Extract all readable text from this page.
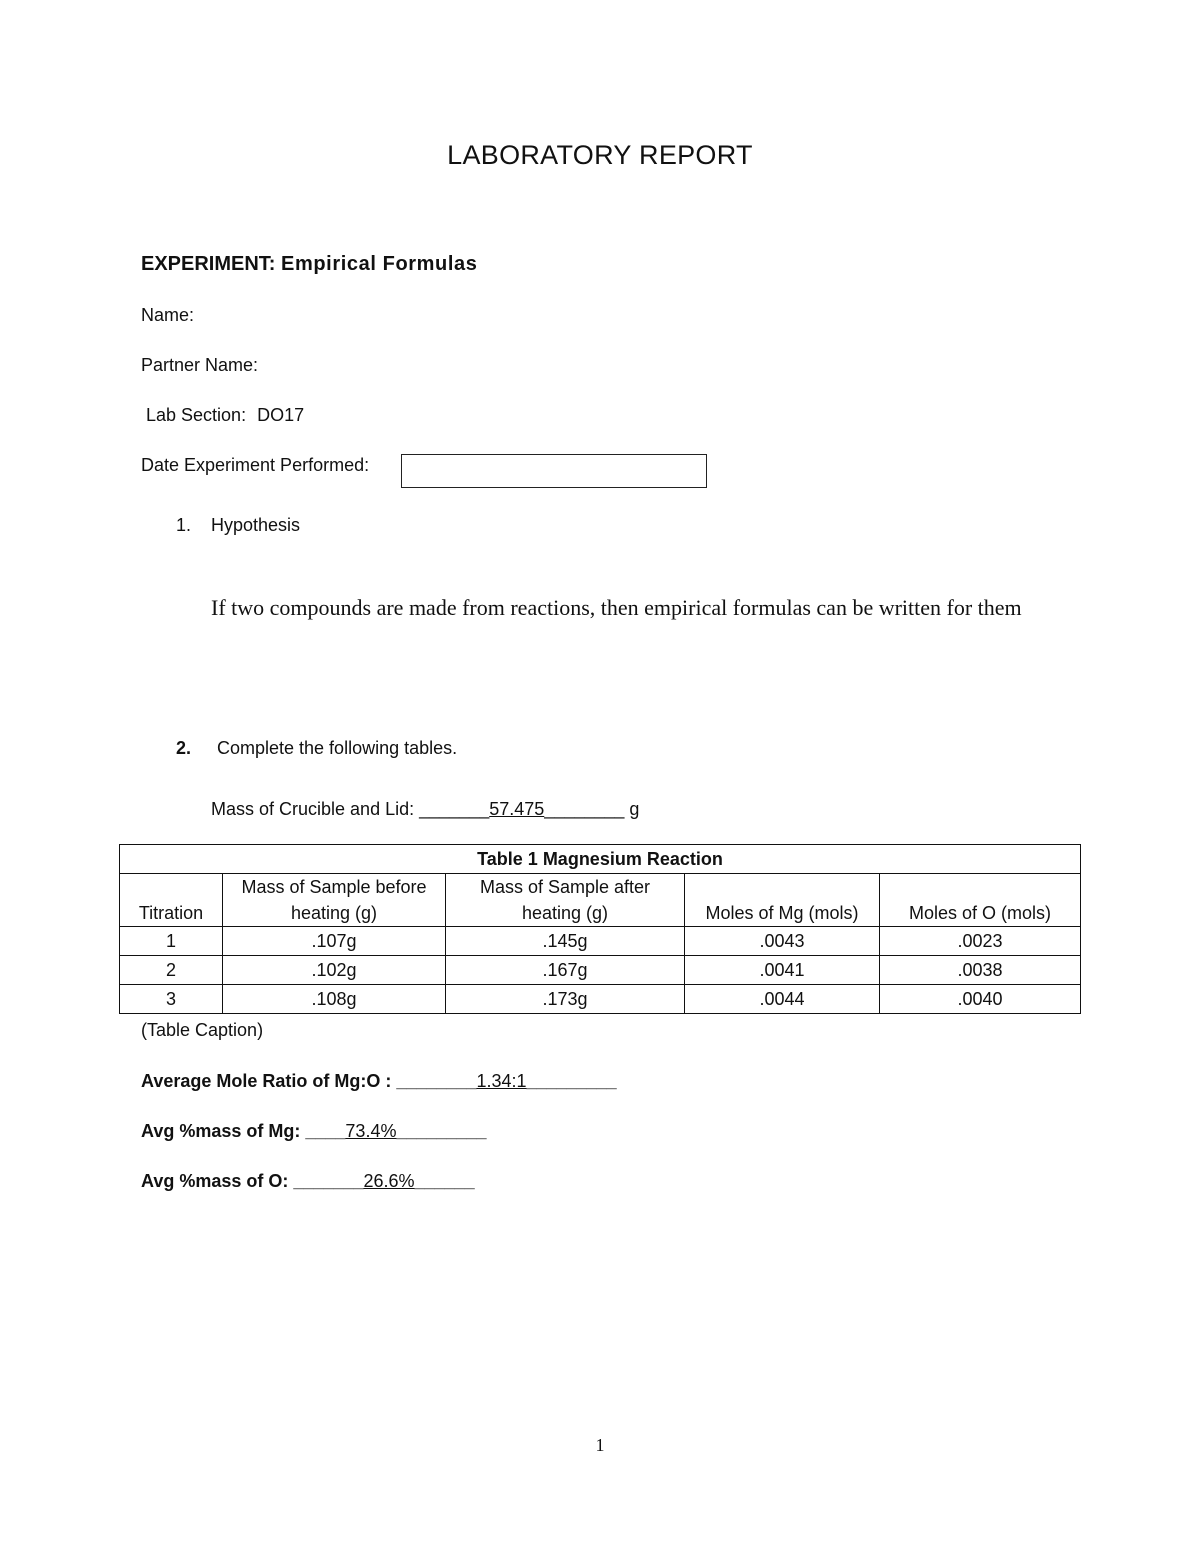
LABORATORY REPORT
EXPERIMENT: Empirical Formulas
Name:
Partner Name:
Lab Section: DO17
Date Experiment Performed:
1. Hypothesis
If two compounds are made from reactions, then empirical formulas can be written for them
2. Complete the following tables.
Mass of Crucible and Lid: _______57.475________ g
Table 1 Magnesium Reaction				
Titration	Mass of Sample before heating (g)	Mass of Sample after heating (g)	Moles of Mg (mols)	Moles of O (mols)
1	.107g	.145g	.0043	.0023
2	.102g	.167g	.0041	.0038
3	.108g	.173g	.0044	.0040
(Table Caption)
Average Mole Ratio of Mg:O : ________1.34:1_________
Avg %mass of Mg: ____73.4%_________
Avg %mass of O: _______26.6%______
1
